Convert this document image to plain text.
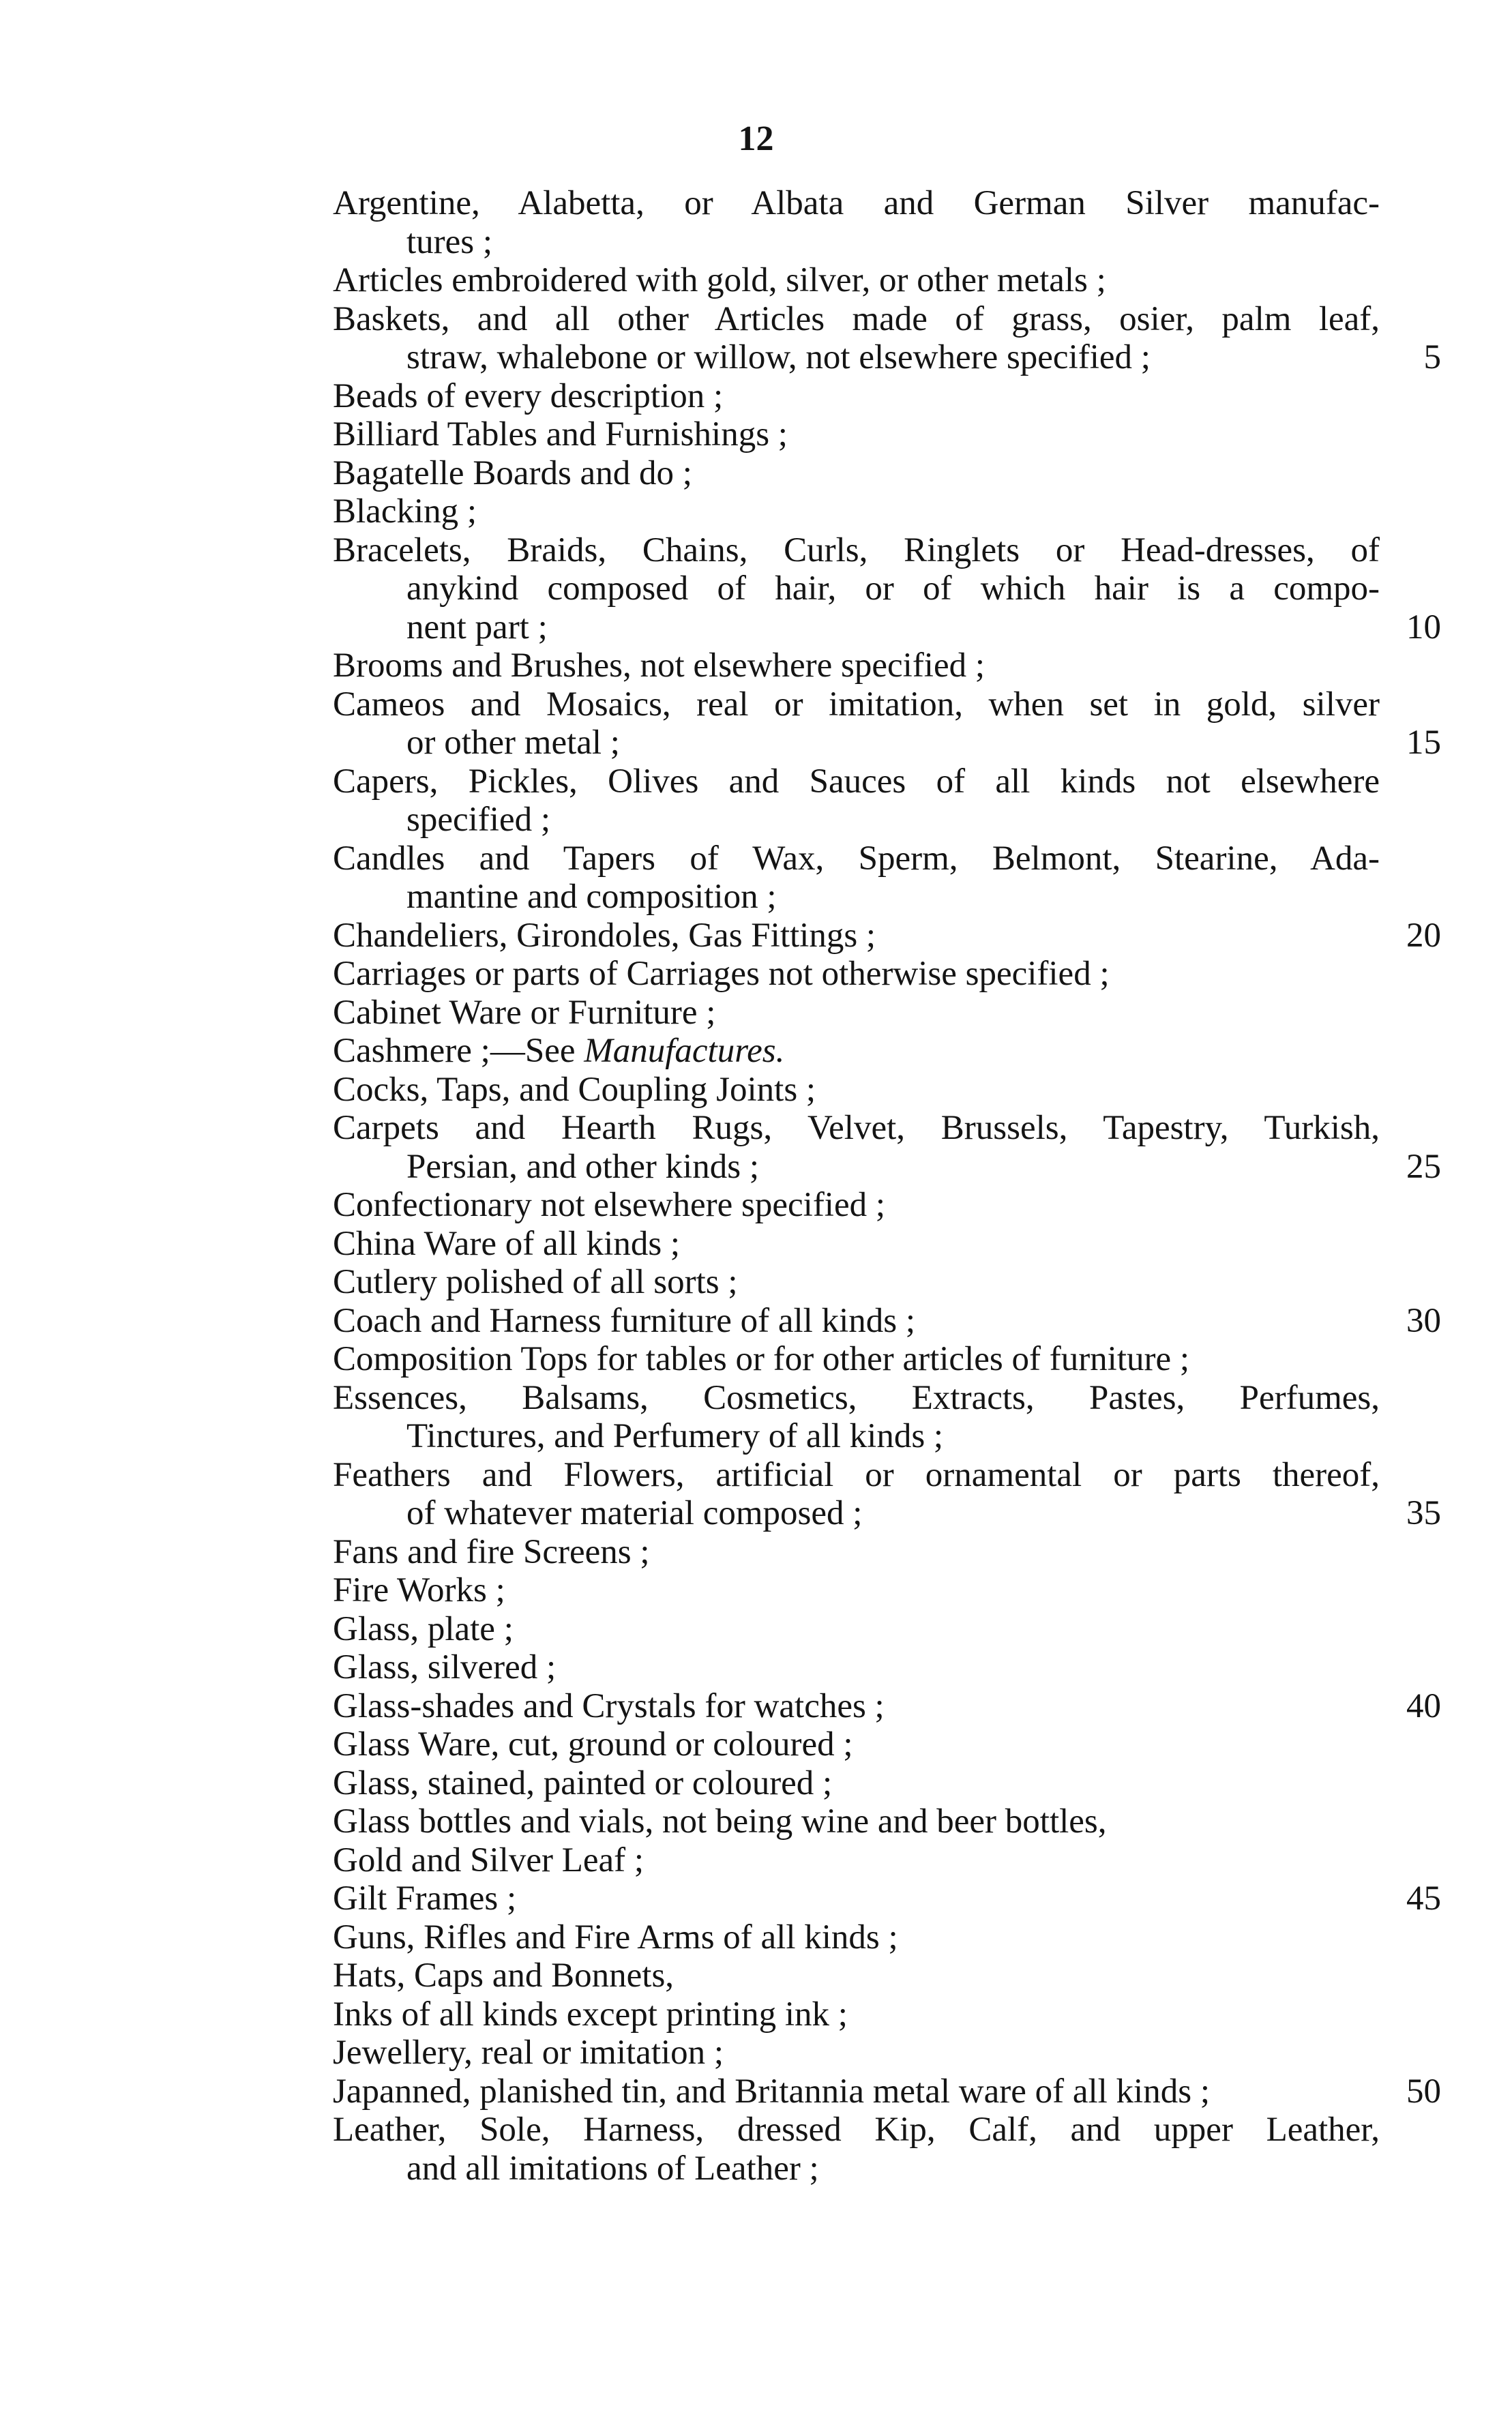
12
Argentine, Alabetta, or Albata and German Silver manufac-
tures ;
Articles embroidered with gold, silver, or other metals ;
Baskets, and all other Articles made of grass, osier, palm leaf,
straw, whalebone or willow, not elsewhere specified ;	5
Beads of every description ;
Billiard Tables and Furnishings ;
Bagatelle Boards and do ;
Blacking ;
Bracelets, Braids, Chains, Curls, Ringlets or Head-dresses, of
anykind composed of hair, or of which hair is a compo-
nent part ;	10
Brooms and Brushes, not elsewhere specified ;
Cameos and Mosaics, real or imitation, when set in gold, silver
or other metal ;	15
Capers, Pickles, Olives and Sauces of all kinds not elsewhere
specified ;
Candles and Tapers of Wax, Sperm, Belmont, Stearine, Ada-
mantine and composition ;
Chandeliers, Girondoles, Gas Fittings ;	20
Carriages or parts of Carriages not otherwise specified ;
Cabinet Ware or Furniture ;
Cashmere ;—See Manufactures.
Cocks, Taps, and Coupling Joints ;
Carpets and Hearth Rugs, Velvet, Brussels, Tapestry, Turkish,
Persian, and other kinds ;	25
Confectionary not elsewhere specified ;
China Ware of all kinds ;
Cutlery polished of all sorts ;
Coach and Harness furniture of all kinds ;	30
Composition Tops for tables or for other articles of furniture ;
Essences, Balsams, Cosmetics, Extracts, Pastes, Perfumes,
Tinctures, and Perfumery of all kinds ;
Feathers and Flowers, artificial or ornamental or parts thereof,
of whatever material composed ;	35
Fans and fire Screens ;
Fire Works ;
Glass, plate ;
Glass, silvered ;
Glass-shades and Crystals for watches ;	40
Glass Ware, cut, ground or coloured ;
Glass, stained, painted or coloured ;
Glass bottles and vials, not being wine and beer bottles,
Gold and Silver Leaf ;
Gilt Frames ;	45
Guns, Rifles and Fire Arms of all kinds ;
Hats, Caps and Bonnets,
Inks of all kinds except printing ink ;
Jewellery, real or imitation ;
Japanned, planished tin, and Britannia metal ware of all kinds ;	50
Leather, Sole, Harness, dressed Kip, Calf, and upper Leather,
and all imitations of Leather ;
